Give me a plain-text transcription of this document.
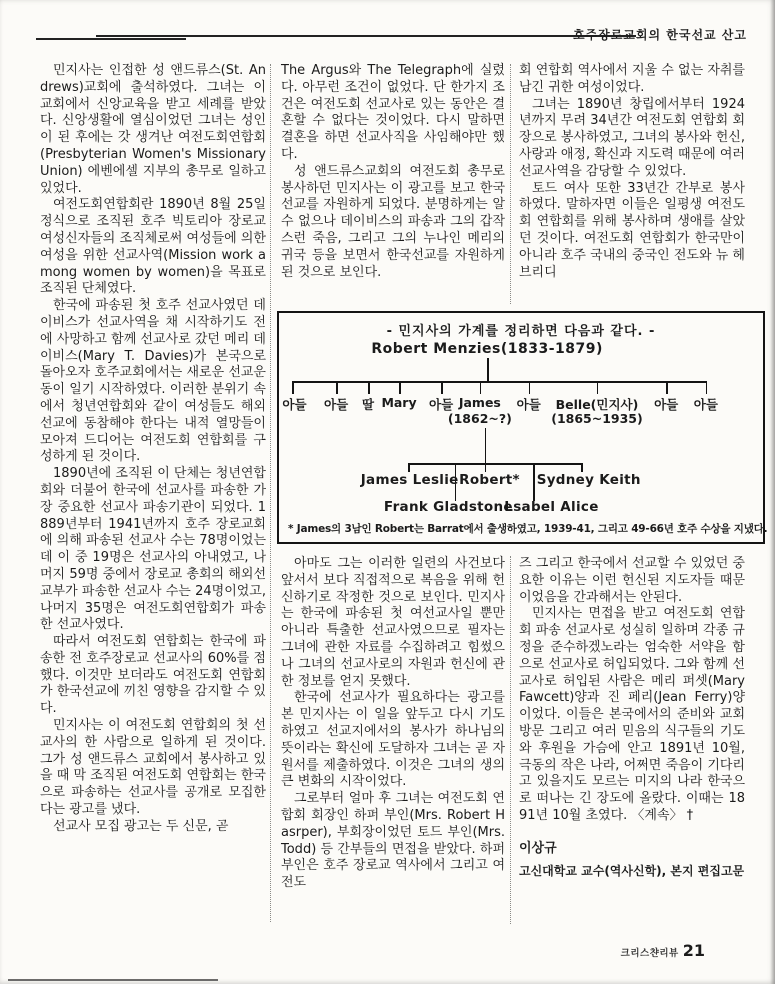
호주장로교회의 한국선교 산고

민지사는 인접한 성 앤드류스(St. Andrews)교회에 출석하였다. 그녀는 이 교회에서 신앙교육을 받고 세례를 받았다. 신앙생활에 열심이었던 그녀는 성인이 된 후에는 갓 생겨난 여전도회연합회(Presbyterian Women's Missionary Union) 에벤에셀 지부의 총무로 일하고 있었다.

여전도회연합회란 1890년 8월 25일 정식으로 조직된 호주 빅토리아 장로교 여성신자들의 조직체로써 여성들에 의한 여성을 위한 선교사역(Mission work among women by women)을 목표로 조직된 단체였다.

한국에 파송된 첫 호주 선교사였던 데이비스가 선교사역을 채 시작하기도 전에 사망하고 함께 선교사로 갔던 메리 데이비스(Mary T. Davies)가 본국으로 돌아오자 호주교회에서는 새로운 선교운동이 일기 시작하였다. 이러한 분위기 속에서 청년연합회와 같이 여성들도 해외선교에 동참해야 한다는 내적 열망들이 모아져 드디어는 여전도회 연합회를 구성하게 된 것이다.

1890년에 조직된 이 단체는 청년연합회와 더불어 한국에 선교사를 파송한 가장 중요한 선교사 파송기관이 되었다. 1889년부터 1941년까지 호주 장로교회에 의해 파송된 선교사 수는 78명이었는데 이 중 19명은 선교사의 아내였고, 나머지 59명 중에서 장로교 총회의 해외선교부가 파송한 선교사 수는 24명이었고, 나머지 35명은 여전도회연합회가 파송한 선교사였다.

따라서 여전도회 연합회는 한국에 파송한 전 호주장로교 선교사의 60%를 점했다. 이것만 보더라도 여전도회 연합회가 한국선교에 끼친 영향을 감지할 수 있다.

민지사는 이 여전도회 연합회의 첫 선교사의 한 사람으로 일하게 된 것이다. 그가 성 앤드류스 교회에서 봉사하고 있을 때 막 조직된 여전도회 연합회는 한국으로 파송하는 선교사를 공개로 모집한다는 광고를 냈다.

선교사 모집 광고는 두 신문, 곧

The Argus와 The Telegraph에 실렸다. 아무런 조건이 없었다. 단 한가지 조건은 여전도회 선교사로 있는 동안은 결혼할 수 없다는 것이었다. 다시 말하면 결혼을 하면 선교사직을 사임해야만 했다.

성 앤드류스교회의 여전도회 총무로 봉사하던 민지사는 이 광고를 보고 한국 선교를 자원하게 되었다. 분명하게는 알 수 없으나 데이비스의 파송과 그의 갑작스런 죽음, 그리고 그의 누나인 메리의 귀국 등을 보면서 한국선교를 자원하게 된 것으로 보인다.

회 연합회 역사에서 지울 수 없는 자취를 남긴 귀한 여성이었다.

그녀는 1890년 창립에서부터 1924년까지 무려 34년간 여전도회 연합회 회장으로 봉사하였고, 그녀의 봉사와 헌신, 사랑과 애정, 확신과 지도력 때문에 여러 선교사역을 감당할 수 있었다.

토드 여사 또한 33년간 간부로 봉사하였다. 말하자면 이들은 일평생 여전도회 연합회를 위해 봉사하며 생애를 살았던 것이다. 여전도회 연합회가 한국만이 아니라 호주 국내의 중국인 전도와 뉴 헤브리디

- 민지사의 가계를 정리하면 다음과 같다. -
Robert Menzies(1833-1879)
아들 아들 딸 Mary 아들 James 아들 Belle(민지사) 아들 아들
(1862~?)	(1865~1935)
James Leslie Robert* Sydney Keith
Frank Gladstone
Lsabel Alice
* James의 3남인 Robert는 Barrat에서 출생하였고, 1939-41, 그리고 49-66년 호주 수상을 지냈다.

아마도 그는 이러한 일련의 사건보다 앞서서 보다 직접적으로 복음을 위해 헌신하기로 작정한 것으로 보인다. 민지사는 한국에 파송된 첫 여선교사일 뿐만 아니라 특출한 선교사였으므로 필자는 그녀에 관한 자료를 수집하려고 힘썼으나 그녀의 선교사로의 자원과 헌신에 관한 정보를 얻지 못했다.

한국에 선교사가 필요하다는 광고를 본 민지사는 이 일을 앞두고 다시 기도하였고 선교지에서의 봉사가 하나님의 뜻이라는 확신에 도달하자 그녀는 곧 자원서를 제출하였다. 이것은 그녀의 생의 큰 변화의 시작이었다.

그로부터 얼마 후 그녀는 여전도회 연합회 회장인 하퍼 부인(Mrs. Robert Hasrper), 부회장이었던 토드 부인(Mrs. Todd) 등 간부들의 면접을 받았다. 하퍼 부인은 호주 장로교 역사에서 그리고 여전도

즈 그리고 한국에서 선교할 수 있었던 중요한 이유는 이런 헌신된 지도자들 때문이었음을 간과해서는 안된다.

민지사는 면접을 받고 여전도회 연합회 파송 선교사로 성실히 일하며 각종 규정을 준수하겠노라는 엄숙한 서약을 함으로 선교사로 허입되었다. 그와 함께 선교사로 허입된 사람은 메리 퍼셋(Mary Fawcett)양과 진 페리(Jean Ferry)양이었다. 이들은 본국에서의 준비와 교회방문 그리고 여러 믿음의 식구들의 기도와 후원을 가슴에 안고 1891년 10월, 극동의 작은 나라, 어쩌면 죽음이 기다리고 있을지도 모르는 미지의 나라 한국으로 떠나는 긴 장도에 올랐다. 이때는 1891년 10월 초였다. 〈계속〉 †

이상규
고신대학교 교수(역사신학), 본지 편집고문
크리스챤리뷰 21
